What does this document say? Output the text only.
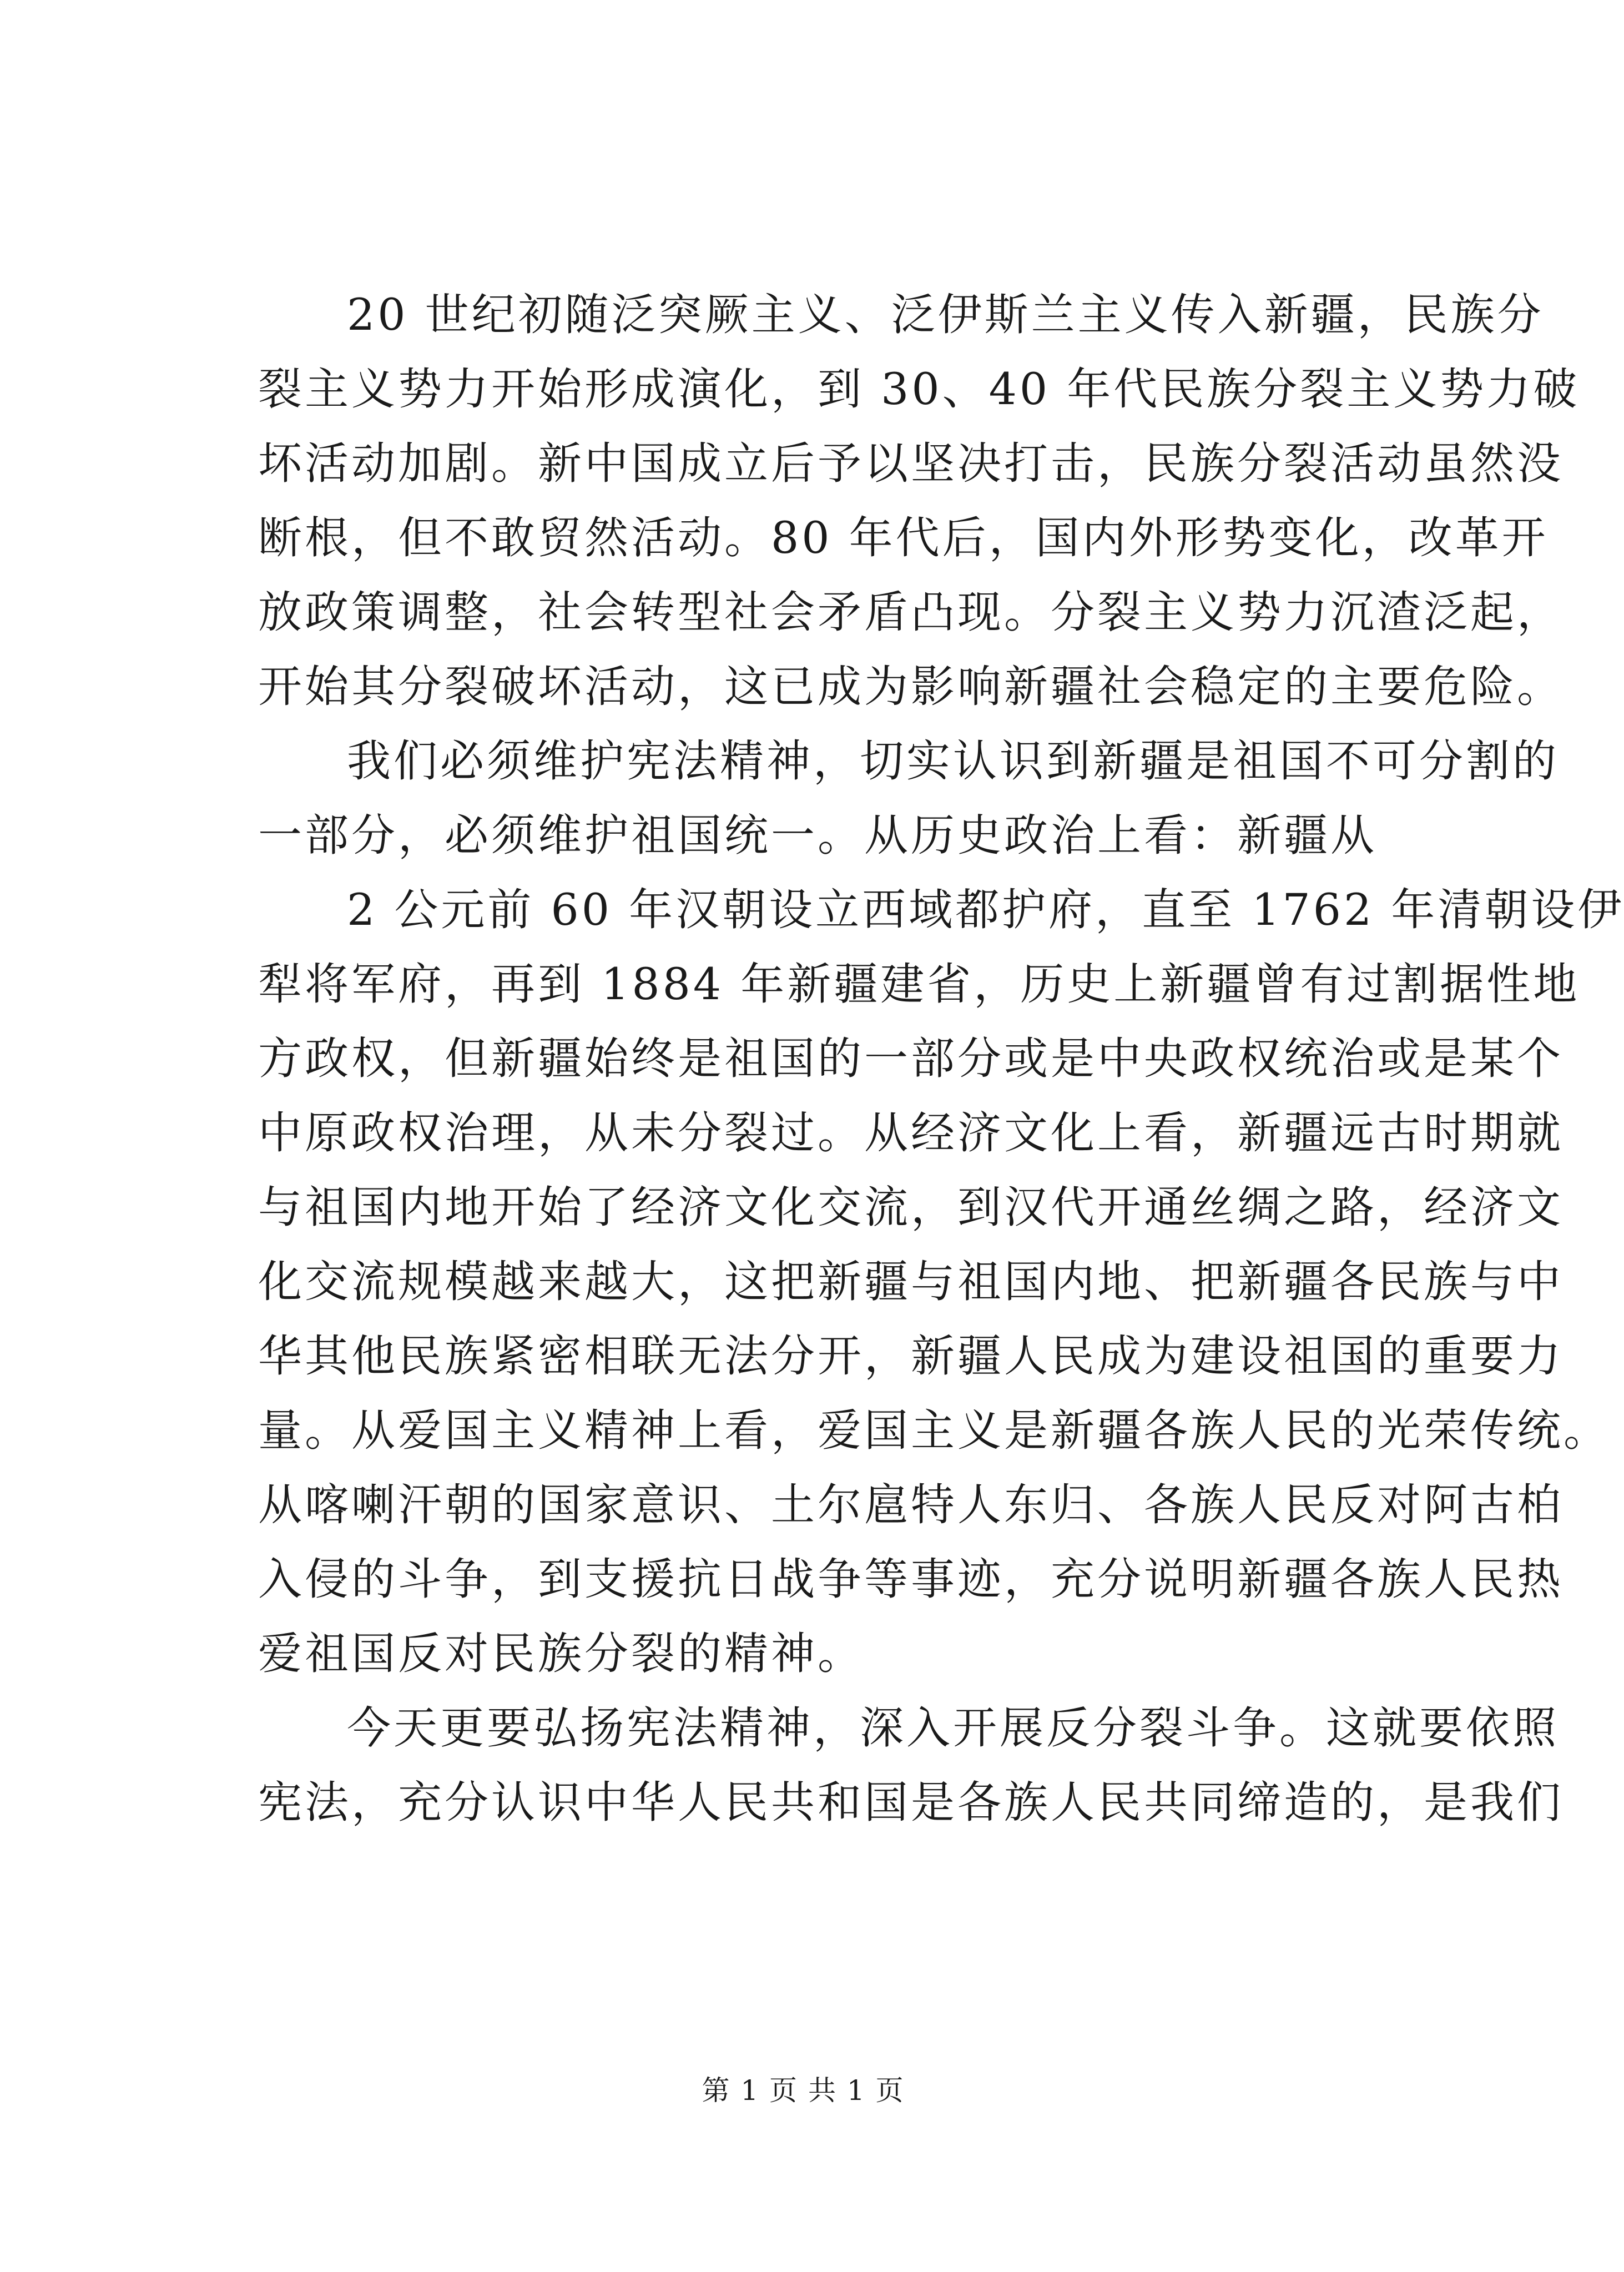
20 世纪初随泛突厥主义、泛伊斯兰主义传入新疆，民族分
裂主义势力开始形成演化，到 30、40 年代民族分裂主义势力破
坏活动加剧。新中国成立后予以坚决打击，民族分裂活动虽然没
断根，但不敢贸然活动。80 年代后，国内外形势变化，改革开
放政策调整，社会转型社会矛盾凸现。分裂主义势力沉渣泛起，
开始其分裂破坏活动，这已成为影响新疆社会稳定的主要危险。
我们必须维护宪法精神，切实认识到新疆是祖国不可分割的
一部分，必须维护祖国统一。从历史政治上看：新疆从
2 公元前 60 年汉朝设立西域都护府，直至 1762 年清朝设伊
犁将军府，再到 1884 年新疆建省，历史上新疆曾有过割据性地
方政权，但新疆始终是祖国的一部分或是中央政权统治或是某个
中原政权治理，从未分裂过。从经济文化上看，新疆远古时期就
与祖国内地开始了经济文化交流，到汉代开通丝绸之路，经济文
化交流规模越来越大，这把新疆与祖国内地、把新疆各民族与中
华其他民族紧密相联无法分开，新疆人民成为建设祖国的重要力
量。从爱国主义精神上看，爱国主义是新疆各族人民的光荣传统。
从喀喇汗朝的国家意识、土尔扈特人东归、各族人民反对阿古柏
入侵的斗争，到支援抗日战争等事迹，充分说明新疆各族人民热
爱祖国反对民族分裂的精神。
今天更要弘扬宪法精神，深入开展反分裂斗争。这就要依照
宪法，充分认识中华人民共和国是各族人民共同缔造的，是我们
第 1 页 共 1 页
